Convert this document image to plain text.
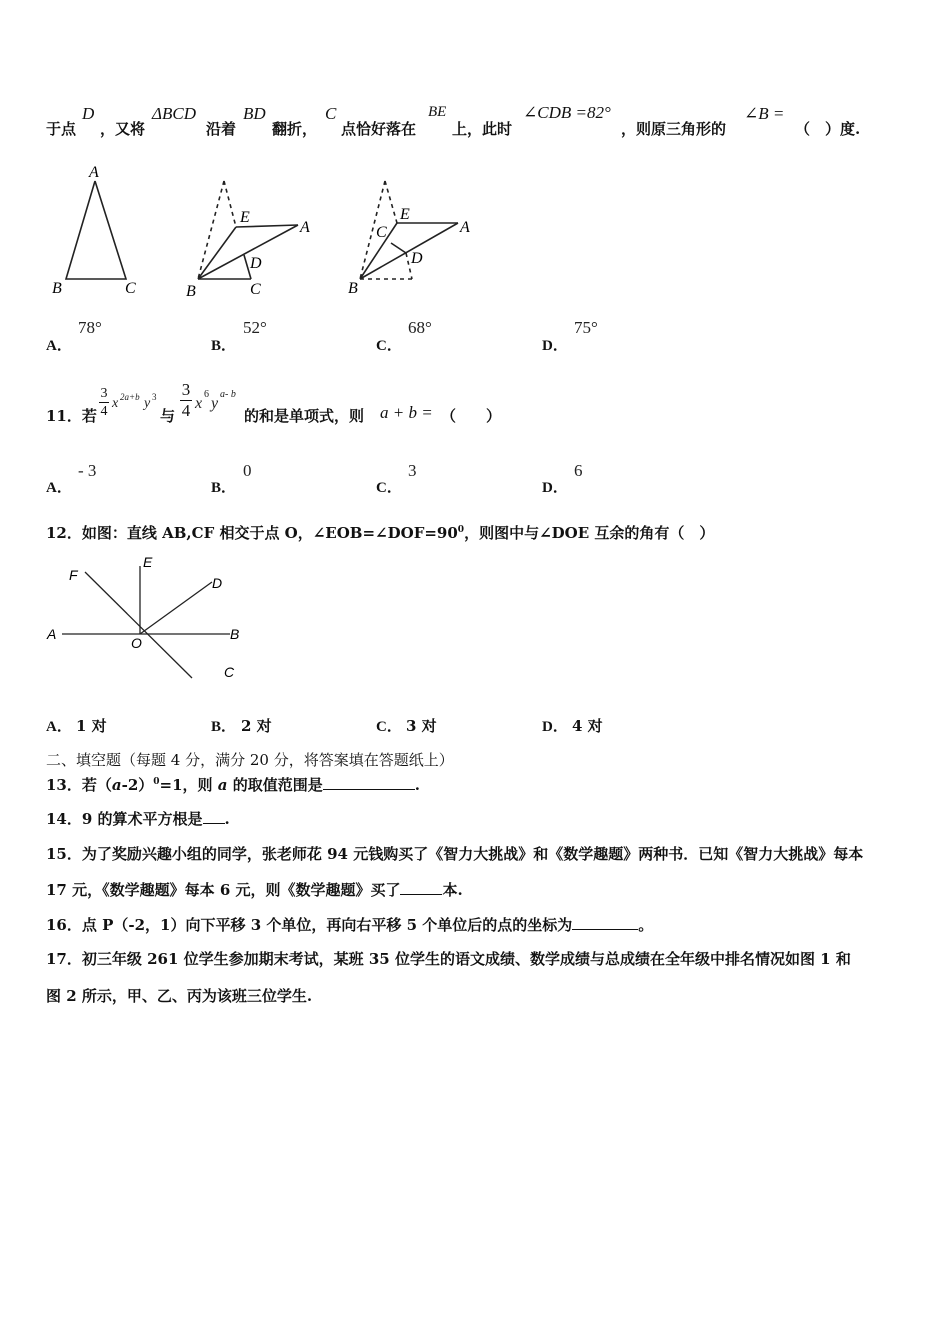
于点
D
，又将
ΔBCD
沿着
BD
翻折，
C
点恰好落在
BE
上，此时
∠CDB =82°
，则原三角形的
∠B =
（　）度.
A
B	C
E
A
D
B	C
E
C	A
D
B
A．
78°
B．
52°
C．
68°
D．
75°
11．若 $\frac{3}{4}$ x 2a+b y 3
与 $\frac{3}{4}$ x
6
y
a- b
的和是单项式，则 a + b = （　　）
A．
- 3
B．
0
C．
3
D．
6
12．如图：直线 AB,CF 相交于点 O，$\angle EOB=\angle DOF=90^0$，则图中与∠DOE 互余的角有（　）
F
E
D
A
O
B
C
A． 1 对	B． 2 对	C． 3 对	D． 4 对
二、填空题（每题 4 分，满分 20 分，将答案填在答题纸上）
13．若$(a-2)^0=1$，则 a 的取值范围是	.
14．9 的算术平方根是 .
15．为了奖励兴趣小组的同学，张老师花 94 元钱购买了《智力大挑战》和《数学趣题》两种书．已知《智力大挑战》每本
17 元，《数学趣题》每本 6 元，则《数学趣题》买了	本.
16．点 P（-2，1）向下平移 3 个单位，再向右平移 5 个单位后的点的坐标为	。
17．初三年级 261 位学生参加期末考试，某班 35 位学生的语文成绩、数学成绩与总成绩在全年级中排名情况如图 1 和
图 2 所示，甲、乙、丙为该班三位学生.
